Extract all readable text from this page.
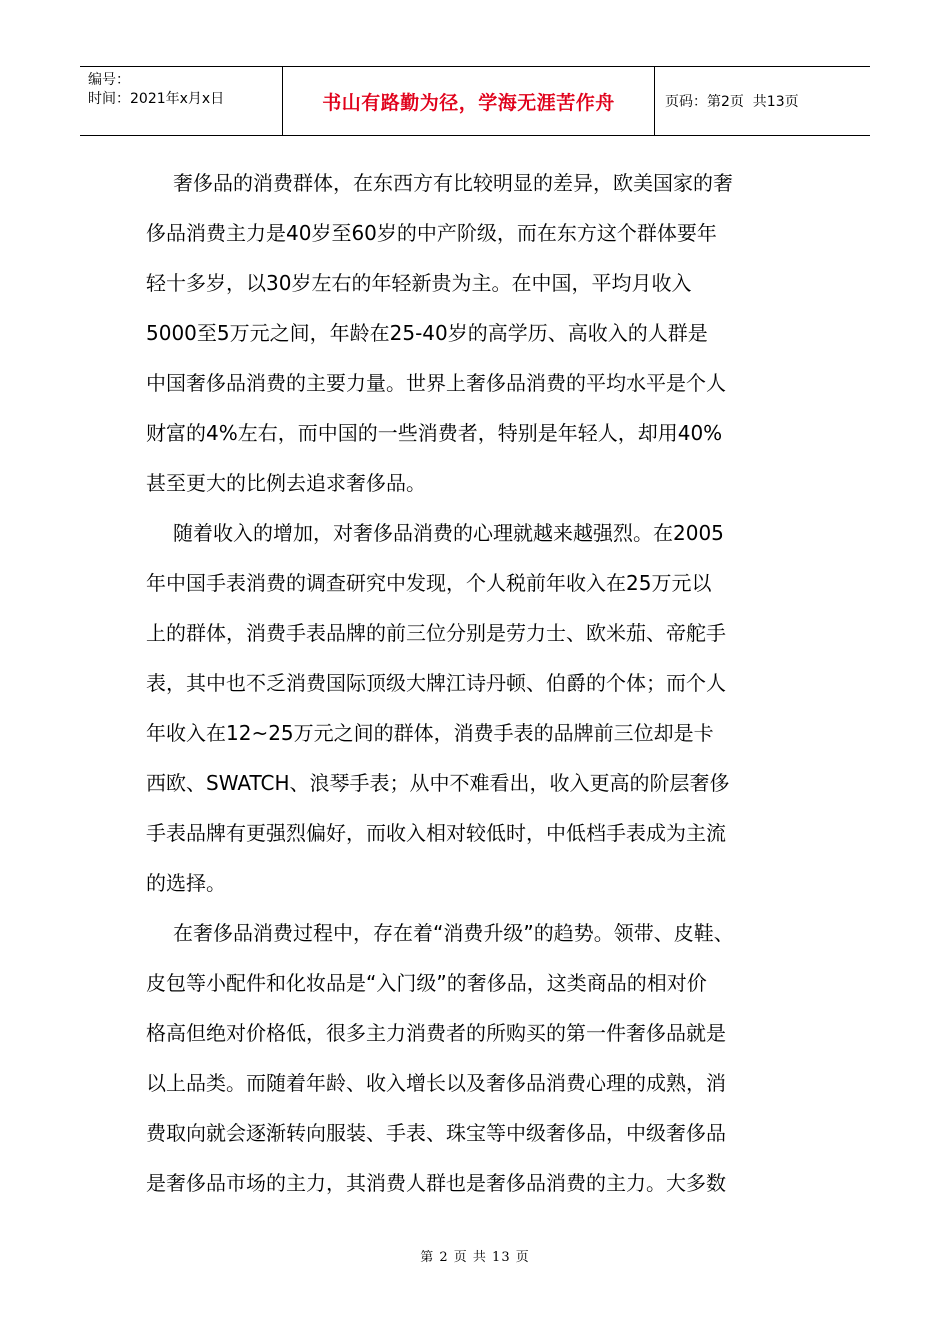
编号：
时间：2021年x月x日	书山有路勤为径，学海无涯苦作舟	页码：第2页  共13页
奢侈品的消费群体，在东西方有比较明显的差异，欧美国家的奢
侈品消费主力是40岁至60岁的中产阶级，而在东方这个群体要年
轻十多岁，以30岁左右的年轻新贵为主。在中国，平均月收入
5000至5万元之间，年龄在25-40岁的高学历、高收入的人群是
中国奢侈品消费的主要力量。世界上奢侈品消费的平均水平是个人
财富的4%左右，而中国的一些消费者，特别是年轻人，却用40%
甚至更大的比例去追求奢侈品。
随着收入的增加，对奢侈品消费的心理就越来越强烈。在2005
年中国手表消费的调查研究中发现，个人税前年收入在25万元以
上的群体，消费手表品牌的前三位分别是劳力士、欧米茄、帝舵手
表，其中也不乏消费国际顶级大牌江诗丹顿、伯爵的个体；而个人
年收入在12~25万元之间的群体，消费手表的品牌前三位却是卡
西欧、SWATCH、浪琴手表；从中不难看出，收入更高的阶层奢侈
手表品牌有更强烈偏好，而收入相对较低时，中低档手表成为主流
的选择。
在奢侈品消费过程中，存在着“消费升级”的趋势。领带、皮鞋、
皮包等小配件和化妆品是“入门级”的奢侈品，这类商品的相对价
格高但绝对价格低，很多主力消费者的所购买的第一件奢侈品就是
以上品类。而随着年龄、收入增长以及奢侈品消费心理的成熟，消
费取向就会逐渐转向服装、手表、珠宝等中级奢侈品，中级奢侈品
是奢侈品市场的主力，其消费人群也是奢侈品消费的主力。大多数
第 2 页 共 13 页
